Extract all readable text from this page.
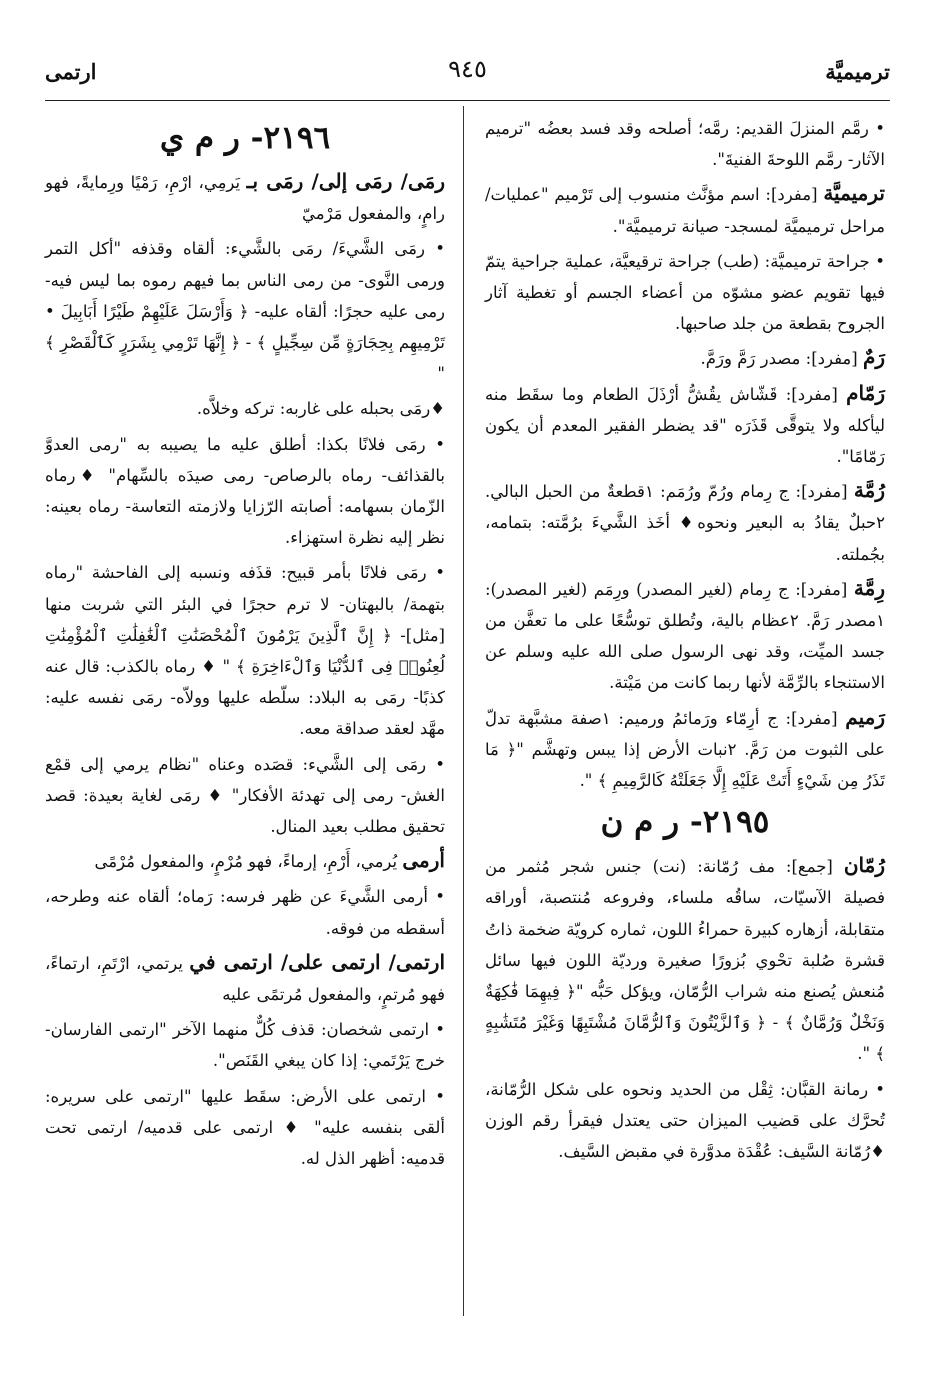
ترميميَّة
٩٤٥
ارتمى

• رمَّم المنزلَ القديم: رمَّه؛ أصلحه وقد فسد بعضُه "ترميم الآثار- رمَّم اللوحةَ الفنيةَ".

ترميميَّة [مفرد]: اسم مؤنَّث منسوب إلى تَرْميم "عمليات/ مراحل ترميميَّة لمسجد- صيانة ترميميَّة".

• جراحة ترميميَّة: (طب) جراحة ترقيعيَّة، عملية جراحية يتمّ فيها تقويم عضو مشوّه من أعضاء الجسم أو تغطية آثار الجروح بقطعة من جلد صاحبها.

رَمٌ [مفرد]: مصدر رَمَّ ورَمَّ.

رَمّام [مفرد]: قَشّاش يقُشُّ أرْذَلَ الطعام وما سقَط منه ليأكله ولا يتوقَّى قَذَرَه "قد يضطر الفقير المعدم أن يكون رَمّامًا".

رُمَّة [مفرد]: ج رِمام ورُمّ ورُمَم: ١قطعةٌ من الحبل البالي. ٢حبلٌ يقادُ به البعير ونحوه♦ أخَذ الشَّيءَ برُمَّته: بتمامه، بجُملته.

رِمَّة [مفرد]: ج رِمام (لغير المصدر) ورِمَم (لغير المصدر): ١مصدر رَمَّ. ٢عظام بالية، وتُطلق توسُّعًا على ما تعفَّن من جسد الميِّت، وقد نهى الرسول صلى الله عليه وسلم عن الاستنجاء بالرِّمَّة لأنها ربما كانت من مَيْتة.

رَميم [مفرد]: ج أرِمّاء ورَمائمُ ورميم: ١صفة مشبَّهة تدلّ على الثبوت من رَمَّ. ٢نبات الأرض إذا يبس وتهشَّم "﴿ مَا تَذَرُ مِن شَيْءٍ أَتَتْ عَلَيْهِ إِلَّا جَعَلَتْهُ كَالرَّمِيمِ ﴾ ".

٢١٩٥- ر م ن

رُمّان [جمع]: مف رُمّانة: (نت) جنس شجر مُثمر من فصيلة الآسيّات، ساقُه ملساء، وفروعه مُنتصبة، أوراقه متقابلة، أزهاره كبيرة حمراءُ اللون، ثماره كرويّة ضخمة ذاتُ قشرة صُلبة تحْوي بُزورًا صغيرة ورديّة اللون فيها سائل مُنعش يُصنع منه شراب الرُّمّان، ويؤكل حَبُّه "﴿ فِيهِمَا فَٰكِهَةٌ وَنَخْلٌ وَرُمَّانٌ ﴾ - ﴿ وَٱلزَّيْتُونَ وَٱلرُّمَّانَ مُشْتَبِهًا وَغَيْرَ مُتَشَٰبِهٍ ﴾ ".

• رمانة القبَّان: ثِقْل من الحديد ونحوه على شكل الرُّمّانة، تُحرَّك على قضيب الميزان حتى يعتدل فيقرأ رقم الوزن ♦رُمّانة السَّيف: عُقْدَة مدوَّرة في مقبض السَّيف.

٢١٩٦- ر م ي

رمَى/ رمَى إلى/ رمَى بـ يَرمِي، ارْمِ، رَمْيًا ورِمايةً، فهو رامٍ، والمفعول مَرْميّ

• رمَى الشَّيءَ/ رمَى بالشَّيء: ألقاه وقذفه "أكل التمر ورمى النَّوى- من رمى الناس بما فيهم رموه بما ليس فيه- رمى عليه حجرًا: ألقاه عليه- ﴿ وَأَرْسَلَ عَلَيْهِمْ طَيْرًا أَبَابِيلَ • تَرْمِيهِم بِحِجَارَةٍ مِّن سِجِّيلٍ ﴾ - ﴿ إِنَّهَا تَرْمِي بِشَرَرٍ كَٱلْقَصْرِ ﴾ "

♦رمَى بحبله على غاربه: تركه وخلاَّه.

• رمَى فلانًا بكذا: أطلق عليه ما يصيبه به "رمى العدوَّ بالقذائف- رماه بالرصاص- رمى صيدَه بالسِّهام" ♦رماه الزّمان بسهامه: أصابته الرّزايا ولازمته التعاسة- رماه بعينه: نظر إليه نظرة استهزاء.

• رمَى فلانًا بأمر قبيح: قذَفه ونسبه إلى الفاحشة "رماه بتهمة/ بالبهتان- لا ترم حجرًا في البئر التي شربت منها [مثل]- ﴿ إِنَّ ٱلَّذِينَ يَرْمُونَ ٱلْمُحْصَنَٰتِ ٱلْغَٰفِلَٰتِ ٱلْمُؤْمِنَٰتِ لُعِنُوا۟ فِى ٱلدُّنْيَا وَٱلْءَاخِرَةِ ﴾ " ♦ رماه بالكذب: قال عنه كذبًا- رمَى به البلاد: سلّطه عليها وولاّه- رمَى نفسه عليه: مهَّد لعقد صداقة معه.

• رمَى إلى الشَّيء: قصَده وعناه "نظام يرمي إلى قمْع الغش- رمى إلى تهدئة الأفكار" ♦ رمَى لغاية بعيدة: قصد تحقيق مطلب بعيد المنال.

أرمى يُرمي، أَرْمِ، إرماءً، فهو مُرْمٍ، والمفعول مُرْمًى

• أرمى الشَّيءَ عن ظهر فرسه: رَماه؛ ألقاه عنه وطرحه، أسقطه من فوقه.

ارتمى/ ارتمى على/ ارتمى في يرتمي، ارْتَمِ، ارتماءً، فهو مُرتمٍ، والمفعول مُرتمًى عليه

• ارتمى شخصان: قذف كُلٌّ منهما الآخر "ارتمى الفارسان- خرج يَرْتَمي: إذا كان يبغي القَنَص".

• ارتمى على الأرض: سقَط عليها "ارتمى على سريره: ألقى بنفسه عليه" ♦ ارتمى على قدميه/ ارتمى تحت قدميه: أظهر الذل له.
